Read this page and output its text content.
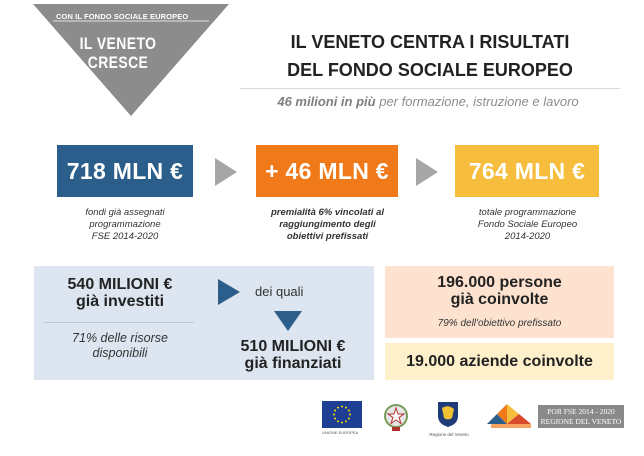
CON IL FONDO SOCIALE EUROPEO
IL VENETO
CRESCE
IL VENETO CENTRA I RISULTATI
DEL FONDO SOCIALE EUROPEO
46 milioni in più per formazione, istruzione e lavoro
718 MLN €	+ 46 MLN €	764 MLN €
fondi già assegnati
programmazione
FSE 2014-2020
premialità 6% vincolati al
raggiungimento degli
obiettivi prefissati
totale programmazione
Fondo Sociale Europeo
2014-2020
540 MILIONI €
già investiti
71% delle risorse
disponibili
dei quali
510 MILIONI €
già finanziati
196.000 persone
già coinvolte
79% dell'obiettivo prefissato
19.000 aziende coinvolte
UNIONE EUROPEA	Regione del Veneto
POR FSE 2014 - 2020
REGIONE DEL VENETO
